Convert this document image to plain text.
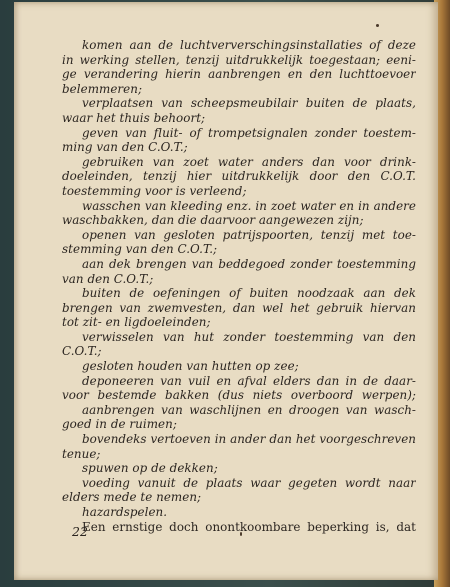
komen aan de luchtververschingsinstallaties of deze
in werking stellen, tenzij uitdrukkelijk toegestaan; eeni-
ge verandering hierin aanbrengen en den luchttoevoer
belemmeren;
verplaatsen van scheepsmeubilair buiten de plaats,
waar het thuis behoort;
geven van fluit- of trompetsignalen zonder toestem-
ming van den C.O.T.;
gebruiken van zoet water anders dan voor drink-
doeleinden, tenzij hier uitdrukkelijk door den C.O.T.
toestemming voor is verleend;
wasschen van kleeding enz. in zoet water en in andere
waschbakken, dan die daarvoor aangewezen zijn;
openen van gesloten patrijspoorten, tenzij met toe-
stemming van den C.O.T.;
aan dek brengen van beddegoed zonder toestemming
van den C.O.T.;
buiten de oefeningen of buiten noodzaak aan dek
brengen van zwemvesten, dan wel het gebruik hiervan
tot zit- en ligdoeleinden;
verwisselen van hut zonder toestemming van den
C.O.T.;
gesloten houden van hutten op zee;
deponeeren van vuil en afval elders dan in de daar-
voor bestemde bakken (dus niets overboord werpen);
aanbrengen van waschlijnen en droogen van wasch-
goed in de ruimen;
bovendeks vertoeven in ander dan het voorgeschreven
tenue;
spuwen op de dekken;
voeding vanuit de plaats waar gegeten wordt naar
elders mede te nemen;
hazardspelen.
Een ernstige doch onontkoombare beperking is, dat
22
